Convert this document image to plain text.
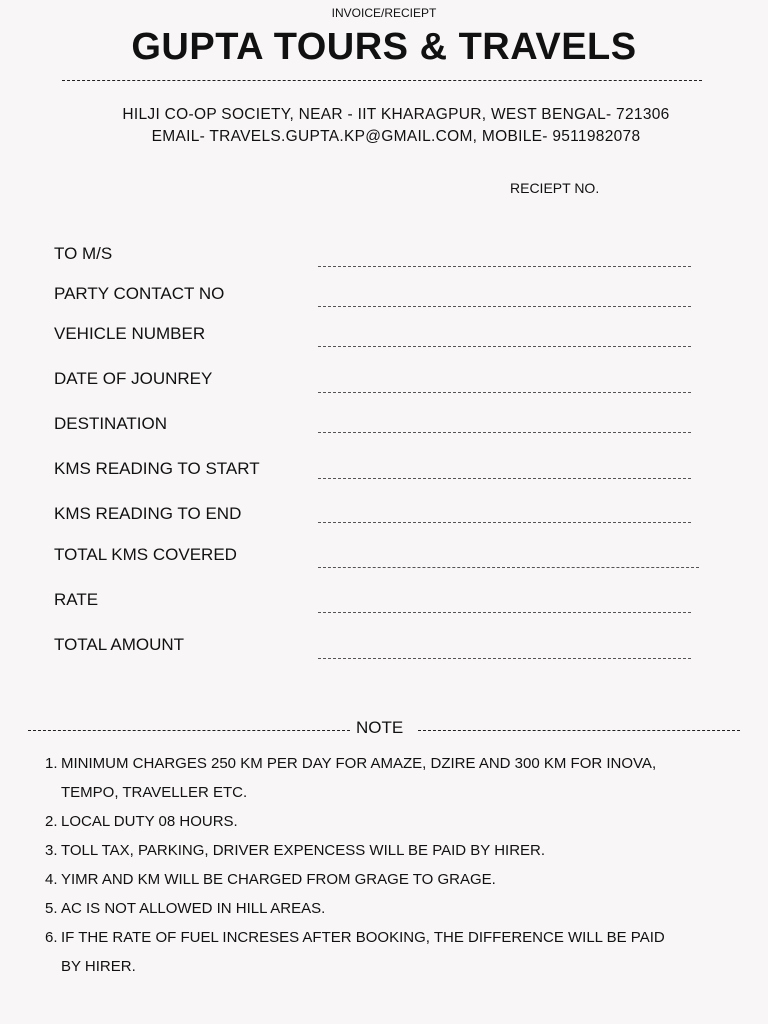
INVOICE/RECIEPT
GUPTA TOURS & TRAVELS
HILJI CO-OP SOCIETY, NEAR - IIT KHARAGPUR, WEST BENGAL- 721306
EMAIL- TRAVELS.GUPTA.KP@GMAIL.COM, MOBILE- 9511982078
RECIEPT NO.
TO M/S
PARTY CONTACT NO
VEHICLE NUMBER
DATE OF JOUNREY
DESTINATION
KMS READING TO START
KMS READING TO END
TOTAL KMS COVERED
RATE
TOTAL AMOUNT
NOTE
1. MINIMUM CHARGES 250 KM PER DAY FOR AMAZE, DZIRE AND 300 KM FOR INOVA,
TEMPO, TRAVELLER ETC.
2. LOCAL DUTY 08 HOURS.
3. TOLL TAX, PARKING, DRIVER EXPENCESS WILL BE PAID BY HIRER.
4. YIMR AND KM WILL BE CHARGED FROM GRAGE TO GRAGE.
5. AC IS NOT ALLOWED IN HILL AREAS.
6. IF THE RATE OF FUEL INCRESES AFTER BOOKING, THE DIFFERENCE WILL BE PAID
BY HIRER.
